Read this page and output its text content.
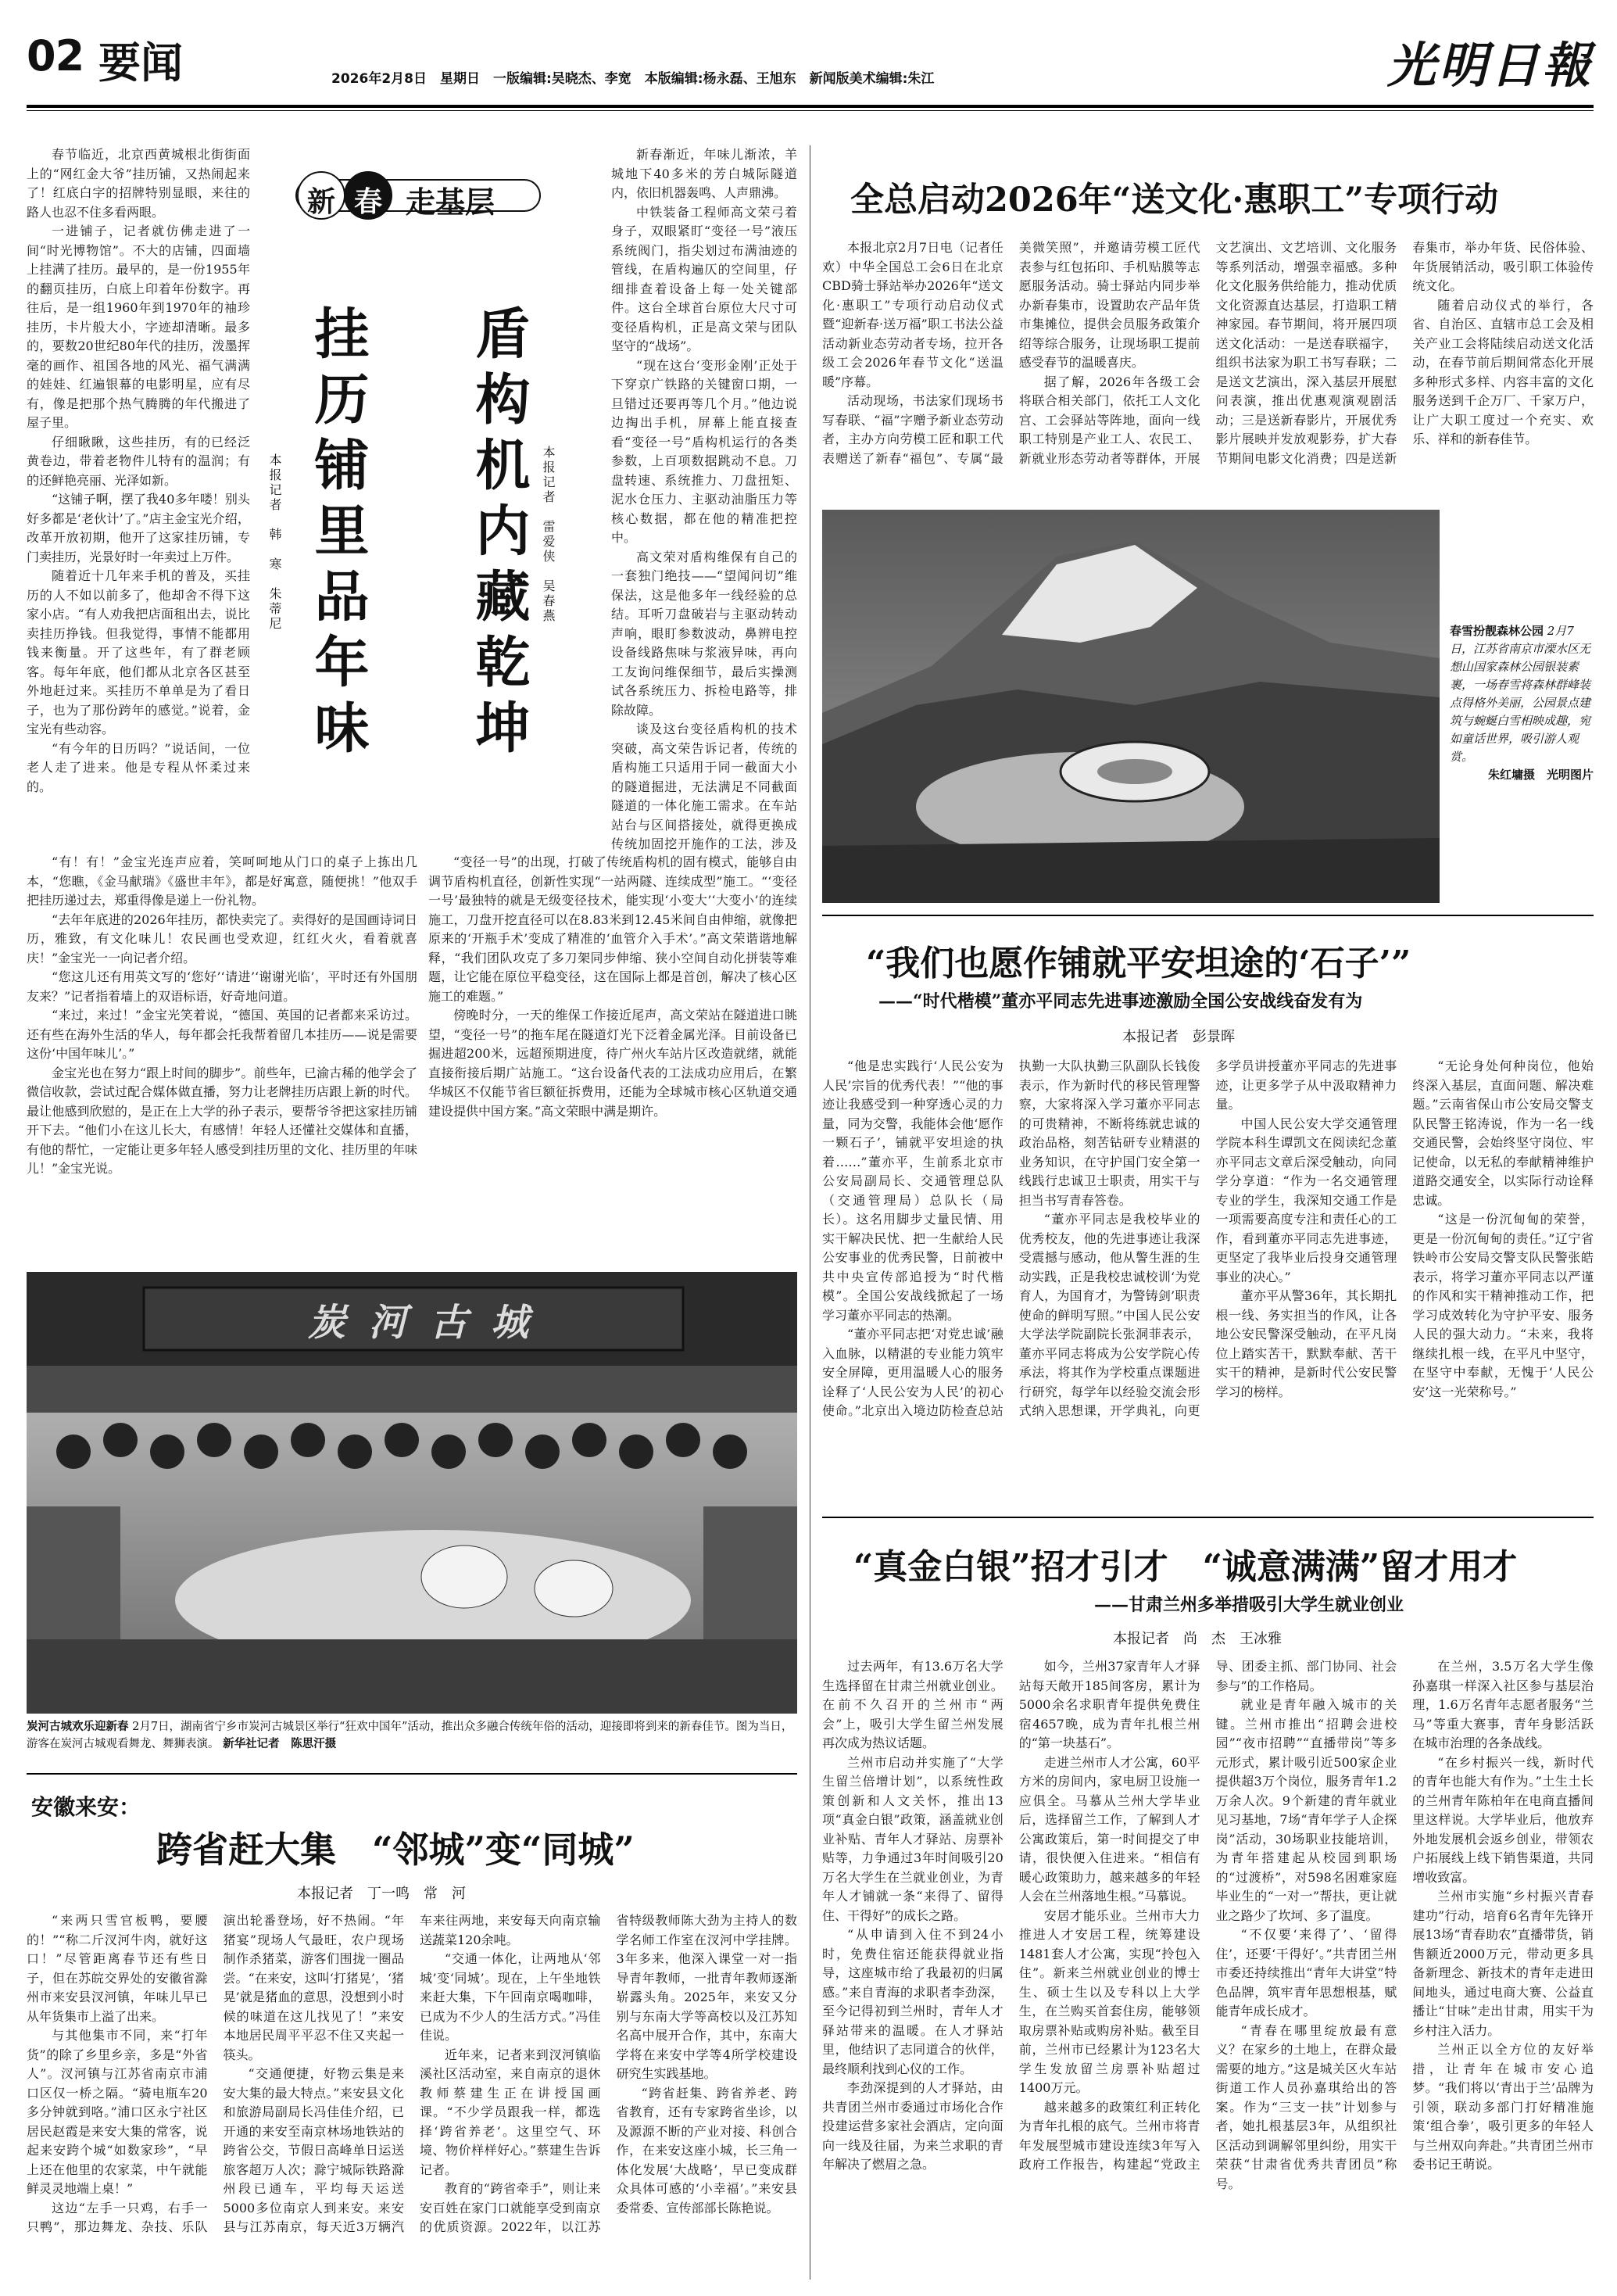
02 要闻	2026年2月8日　星期日　一版编辑:吴晓杰、李宽　本版编辑:杨永磊、王旭东　新闻版美术编辑:朱江	光明日報
新 春 走基层
挂历铺里品年味
本报记者　韩　寒　朱蒂尼

春节临近，北京西黄城根北街街面上的“网红金大爷”挂历铺，又热闹起来了！红底白字的招牌特别显眼，来往的路人也忍不住多看两眼。

一进铺子，记者就仿佛走进了一间“时光博物馆”。不大的店铺，四面墙上挂满了挂历。最早的，是一份1955年的翻页挂历，白底上印着年份数字。再往后，是一组1960年到1970年的袖珍挂历，卡片般大小，字迹却清晰。最多的，要数20世纪80年代的挂历，泼墨挥毫的画作、祖国各地的风光、福气满满的娃娃、红遍银幕的电影明星，应有尽有，像是把那个热气腾腾的年代搬进了屋子里。

仔细瞅瞅，这些挂历，有的已经泛黄卷边，带着老物件儿特有的温润；有的还鲜艳亮丽、光泽如新。

“这铺子啊，摆了我40多年喽！别头好多都是‘老伙计’了。”店主金宝光介绍，改革开放初期，他开了这家挂历铺，专门卖挂历，光景好时一年卖过上万件。

随着近十几年来手机的普及，买挂历的人不如以前多了，他却舍不得下这家小店。“有人劝我把店面租出去，说比卖挂历挣钱。但我觉得，事情不能都用钱来衡量。开了这些年，有了群老顾客。每年年底，他们都从北京各区甚至外地赶过来。买挂历不单单是为了看日子，也为了那份跨年的感觉。”说着，金宝光有些动容。

“有今年的日历吗？”说话间，一位老人走了进来。他是专程从怀柔过来的。

“有！有！”金宝光连声应着，笑呵呵地从门口的桌子上拣出几本，“您瞧，《金马献瑞》《盛世丰年》，都是好寓意，随便挑！”他双手把挂历递过去，郑重得像是递上一份礼物。

“去年年底进的2026年挂历，都快卖完了。卖得好的是国画诗词日历，雅致，有文化味儿！农民画也受欢迎，红红火火，看着就喜庆！”金宝光一一向记者介绍。

“您这儿还有用英文写的‘您好’‘请进’‘谢谢光临’，平时还有外国朋友来？”记者指着墙上的双语标语，好奇地问道。

“来过，来过！”金宝光笑着说，“德国、英国的记者都来采访过。还有些在海外生活的华人，每年都会托我帮着留几本挂历——说是需要这份‘中国年味儿’。”

金宝光也在努力“跟上时间的脚步”。前些年，已渝古稀的他学会了微信收款，尝试过配合媒体做直播，努力让老牌挂历店跟上新的时代。最让他感到欣慰的，是正在上大学的孙子表示，要帮爷爷把这家挂历铺开下去。“他们小在这儿长大，有感情！年轻人还懂社交媒体和直播，有他的帮忙，一定能让更多年轻人感受到挂历里的文化、挂历里的年味儿！”金宝光说。

盾构机内藏乾坤 本报记者　雷爱侠　吴春燕

新春渐近，年味儿渐浓，羊城地下40多米的芳白城际隧道内，依旧机器轰鸣、人声鼎沸。

中铁装备工程师高文荣弓着身子，双眼紧盯“变径一号”液压系统阀门，指尖划过布满油迹的管线，在盾构遍仄的空间里，仔细排查着设备上每一处关键部件。这台全球首台原位大尺寸可变径盾构机，正是高文荣与团队坚守的“战场”。

“现在这台‘变形金刚’正处于下穿京广铁路的关键窗口期，一旦错过还要再等几个月。”他边说边掏出手机，屏幕上能直接查看“变径一号”盾构机运行的各类参数，上百项数据跳动不息。刀盘转速、系统推力、刀盘扭矩、泥水仓压力、主驱动油脂压力等核心数据，都在他的精准把控中。

高文荣对盾构维保有自己的一套独门绝技——“望闻问切”维保法，这是他多年一线经验的总结。耳听刀盘破岩与主驱动转动声响，眼盯参数波动，鼻辨电控设备线路焦味与浆液异味，再向工友询问维保细节，最后实操测试各系统压力、拆检电路等，排除故障。

谈及这台变径盾构机的技术突破，高文荣告诉记者，传统的盾构施工只适用于同一截面大小的隧道掘进，无法满足不同截面隧道的一体化施工需求。在车站站台与区间搭接处，就得更换成传统加固挖开施作的工法，涉及

“变径一号”的出现，打破了传统盾构机的固有模式，能够自由调节盾构机直径，创新性实现“一站两隧、连续成型”施工。“‘变径一号’最独特的就是无级变径技术，能实现‘小变大’‘大变小’的连续施工，刀盘开挖直径可以在8.83米到12.45米间自由伸缩，就像把原来的‘开瓶手术’变成了精准的‘血管介入手术’。”高文荣谐谐地解释，“我们团队攻克了多刀架同步伸缩、狭小空间自动化拼装等难题，让它能在原位平稳变径，这在国际上都是首创，解决了核心区施工的难题。”

傍晚时分，一天的维保工作接近尾声，高文荣站在隧道进口眺望，“变径一号”的拖车尾在隧道灯光下泛着金属光泽。目前设备已掘进超200米，远超预期进度，待广州火车站片区改造就绪，就能直接衔接后期广站施工。“这台设备代表的工法成功应用后，在繁华城区不仅能节省巨额征拆费用，还能为全球城市核心区轨道交通建设提供中国方案。”高文荣眼中满是期许。

炭河古城
炭河古城欢乐迎新春 2月7日，湖南省宁乡市炭河古城景区举行“狂欢中国年”活动，推出众多融合传统年俗的活动，迎接即将到来的新春佳节。图为当日，游客在炭河古城观看舞龙、舞狮表演。 新华社记者　陈思汗摄
安徽来安：
跨省赶大集　“邻城”变“同城”
本报记者　丁一鸣　常　河

“来两只雪官板鸭，要腰的！”“称二斤汊河牛肉，就好这口！”尽管距离春节还有些日子，但在苏皖交界处的安徽省滁州市来安县汊河镇，年味儿早已从年货集市上溢了出来。

与其他集市不同，来“打年货”的除了乡里乡亲，多是“外省人”。汊河镇与江苏省南京市浦口区仅一桥之隔。“骑电瓶车20多分钟就到咯。”浦口区永宁社区居民赵霞是来安大集的常客，说起来安跨个城“如数家珍”，“早上还在他里的农家菜，中午就能鲜灵灵地端上桌！”

这边“左手一只鸡，右手一只鸭”，那边舞龙、杂技、乐队演出轮番登场，好不热闹。“年猪宴”现场人气最旺，农户现场制作杀猪菜，游客们围拢一圈品尝。“在来安，这叫‘打猪晃’，‘猪晃’就是猪血的意思，没想到小时候的味道在这儿找见了！”来安本地居民周平平忍不住又夹起一筷头。

“交通便捷，好物云集是来安大集的最大特点。”来安县文化和旅游局副局长冯佳佳介绍，已开通的来安至南京林场地铁站的跨省公交，节假日高峰单日运送旅客超万人次；滁宁城际铁路滁州段已通车，平均每天运送5000多位南京人到来安。来安县与江苏南京，每天近3万辆汽车来往两地，来安每天向南京输送蔬菜120余吨。

“交通一体化，让两地从‘邻城’变‘同城’。现在，上午坐地铁来赶大集，下午回南京喝咖啡，已成为不少人的生活方式。”冯佳佳说。

近年来，记者来到汊河镇临溪社区活动室，来自南京的退休教师蔡建生正在讲授国画课。“不少学员跟我一样，都选择‘跨省养老’。这里空气、环境、物价样样好心。”蔡建生告诉记者。

教育的“跨省牵手”，则让来安百姓在家门口就能享受到南京的优质资源。2022年，以江苏省特级教师陈大劲为主持人的数学名师工作室在汊河中学挂牌。3年多来，他深入课堂一对一指导青年教师，一批青年教师逐渐崭露头角。2025年，来安又分别与东南大学等高校以及江苏知名高中展开合作，其中，东南大学将在来安中学等4所学校建设研究生实践基地。

“跨省赶集、跨省养老、跨省教育，还有专家跨省坐诊，以及源源不断的产业对接、科创合作，在来安这座小城，长三角一体化发展‘大战略’，早已变成群众具体可感的‘小幸福’。”来安县委常委、宣传部部长陈艳说。

全总启动2026年“送文化·惠职工”专项行动

本报北京2月7日电（记者任欢）中华全国总工会6日在北京CBD骑士驿站举办2026年“送文化·惠职工”专项行动启动仪式暨“迎新春·送万福”职工书法公益活动新业态劳动者专场，拉开各级工会2026年春节文化“送温暖”序幕。

活动现场，书法家们现场书写春联、“福”字赠予新业态劳动者，主办方向劳模工匠和职工代表赠送了新春“福包”、专属“最美微笑照”，并邀请劳模工匠代表参与红包拓印、手机贴膜等志愿服务活动。骑士驿站内同步举办新春集市，设置助农产品年货市集摊位，提供会员服务政策介绍等综合服务，让现场职工提前感受春节的温暖喜庆。

据了解，2026年各级工会将联合相关部门，依托工人文化宫、工会驿站等阵地，面向一线职工特别是产业工人、农民工、新就业形态劳动者等群体，开展文艺演出、文艺培训、文化服务等系列活动，增强幸福感。多种化文化服务供给能力，推动优质文化资源直达基层，打造职工精神家园。春节期间，将开展四项送文化活动：一是送春联福字，组织书法家为职工书写春联；二是送文艺演出，深入基层开展慰问表演，推出优惠观演观剧活动；三是送新春影片，开展优秀影片展映并发放观影券，扩大春节期间电影文化消费；四是送新春集市，举办年货、民俗体验、年货展销活动，吸引职工体验传统文化。

随着启动仪式的举行，各省、自治区、直辖市总工会及相关产业工会将陆续启动送文化活动，在春节前后期间常态化开展多种形式多样、内容丰富的文化服务送到千企万厂、千家万户，让广大职工度过一个充实、欢乐、祥和的新春佳节。

春雪扮靓森林公园 2月7日，江苏省南京市溧水区无想山国家森林公园银装素裹，一场春雪将森林群峰装点得格外美丽，公园景点建筑与蜿蜒白雪相映成趣，宛如童话世界，吸引游人观赏。

朱红墉摄　光明图片
“我们也愿作铺就平安坦途的‘石子’”
——“时代楷模”董亦平同志先进事迹激励全国公安战线奋发有为
本报记者　彭景晖

“他是忠实践行‘人民公安为人民’宗旨的优秀代表！”“他的事迹让我感受到一种穿透心灵的力量，同为交警，我能体会他‘愿作一颗石子’，铺就平安坦途的执着……”董亦平，生前系北京市公安局副局长、交通管理总队（交通管理局）总队长（局长）。这名用脚步丈量民情、用实干解决民忧、把一生献给人民公安事业的优秀民警，日前被中共中央宣传部追授为“时代楷模”。全国公安战线掀起了一场学习董亦平同志的热潮。

“董亦平同志把‘对党忠诚’融入血脉，以精湛的专业能力筑牢安全屏障，更用温暖人心的服务诠释了‘人民公安为人民’的初心使命。”北京出入境边防检查总站执勤一大队执勤三队副队长钱俊表示，作为新时代的移民管理警察，大家将深入学习董亦平同志的可贵精神，不断将练就忠诚的政治品格，刻苦钻研专业精湛的业务知识，在守护国门安全第一线践行忠诚卫士职责，用实干与担当书写青春答卷。

“董亦平同志是我校毕业的优秀校友，他的先进事迹让我深受震撼与感动，他从警生涯的生动实践，正是我校忠诚校训‘为党育人，为国育才，为警铸剑’职责使命的鲜明写照。”中国人民公安大学法学院副院长张洞菲表示，董亦平同志将成为公安学院心传承法，将其作为学校重点课题进行研究，每学年以经验交流会形式纳入思想课，开学典礼，向更多学员讲授董亦平同志的先进事迹，让更多学子从中汲取精神力量。

中国人民公安大学交通管理学院本科生谭凯文在阅读纪念董亦平同志文章后深受触动，向同学分享道：“作为一名交通管理专业的学生，我深知交通工作是一项需要高度专注和责任心的工作，看到董亦平同志先进事迹，更坚定了我毕业后投身交通管理事业的决心。”

董亦平从警36年，其长期扎根一线、务实担当的作风，让各地公安民警深受触动，在平凡岗位上踏实苦干，默默奉献、苦干实干的精神，是新时代公安民警学习的榜样。

“无论身处何种岗位，他始终深入基层，直面问题、解决难题。”云南省保山市公安局交警支队民警王铭涛说，作为一名一线交通民警，会始终坚守岗位、牢记使命，以无私的奉献精神维护道路交通安全，以实际行动诠释忠诚。

“这是一份沉甸甸的荣誉，更是一份沉甸甸的责任。”辽宁省铁岭市公安局交警支队民警张皓表示，将学习董亦平同志以严谨的作风和实干精神推动工作，把学习成效转化为守护平安、服务人民的强大动力。“未来，我将继续扎根一线，在平凡中坚守，在坚守中奉献，无愧于‘人民公安’这一光荣称号。”

“真金白银”招才引才　“诚意满满”留才用才
——甘肃兰州多举措吸引大学生就业创业
本报记者　尚　杰　王冰雅

过去两年，有13.6万名大学生选择留在甘肃兰州就业创业。在前不久召开的兰州市“两会”上，吸引大学生留兰州发展再次成为热议话题。

兰州市启动并实施了“大学生留兰倍增计划”，以系统性政策创新和人文关怀，推出13项“真金白银”政策，涵盖就业创业补贴、青年人才驿站、房票补贴等，力争通过3年时间吸引20万名大学生在兰就业创业，为青年人才铺就一条“来得了、留得住、干得好”的成长之路。

“从申请到入住不到24小时，免费住宿还能获得就业指导，这座城市给了我最初的归属感。”来自青海的求职者李劲深，至今记得初到兰州时，青年人才驿站带来的温暖。在人才驿站里，他结识了志同道合的伙伴，最终顺利找到心仪的工作。

李劲深提到的人才驿站，由共青团兰州市委通过市场化合作投建运营多家社会酒店，定向面向一线及往届，为来兰求职的青年解决了燃眉之急。

如今，兰州37家青年人才驿站每天敞开185间客房，累计为5000余名求职青年提供免费住宿4657晚，成为青年扎根兰州的“第一块基石”。

走进兰州市人才公寓，60平方米的房间内，家电厨卫设施一应俱全。马慕从兰州大学毕业后，选择留兰工作，了解到人才公寓政策后，第一时间提交了申请，很快便入住进来。“相信有暖心政策助力，越来越多的年轻人会在兰州落地生根。”马慕说。

安居才能乐业。兰州市大力推进人才安居工程，统筹建设1481套人才公寓，实现“拎包入住”。新来兰州就业创业的博士生、硕士生以及专科以上大学生，在兰购买首套住房，能够领取房票补贴或购房补贴。截至目前，兰州市已经累计为123名大学生发放留兰房票补贴超过1400万元。

越来越多的政策红利正转化为青年扎根的底气。兰州市将青年发展型城市建设连续3年写入政府工作报告，构建起“党政主导、团委主抓、部门协同、社会参与”的工作格局。

就业是青年融入城市的关键。兰州市推出“招聘会进校园”“夜市招聘”“直播带岗”等多元形式，累计吸引近500家企业提供超3万个岗位，服务青年1.2万余人次。9个新建的青年就业见习基地，7场“青年学子人企探岗”活动，30场职业技能培训，为青年搭建起从校园到职场的“过渡桥”，对598名困难家庭毕业生的“一对一”帮扶，更让就业之路少了坎坷、多了温度。

“不仅要‘来得了’、‘留得住’，还要‘干得好’。”共青团兰州市委还持续推出“青年大讲堂”特色品牌，筑牢青年思想根基，赋能青年成长成才。

“青春在哪里绽放最有意义？在家乡的土地上，在群众最需要的地方。”这是城关区火车站街道工作人员孙嘉琪给出的答案。作为“三支一扶”计划参与者，她扎根基层3年，从组织社区活动到调解邻里纠纷，用实干荣获“甘肃省优秀共青团员”称号。

在兰州，3.5万名大学生像孙嘉琪一样深入社区参与基层治理，1.6万名青年志愿者服务“兰马”等重大赛事，青年身影活跃在城市治理的各条战线。

“在乡村振兴一线，新时代的青年也能大有作为。”土生土长的兰州青年陈柏年在电商直播间里这样说。大学毕业后，他放弃外地发展机会返乡创业，带领农户拓展线上线下销售渠道，共同增收致富。

兰州市实施“乡村振兴青春建功”行动，培育6名青年先锋开展13场“青春助农”直播带货，销售额近2000万元，带动更多具备新理念、新技术的青年走进田间地头，通过电商大赛、公益直播让“甘味”走出甘肃，用实干为乡村注入活力。

兰州正以全方位的友好举措，让青年在城市安心追梦。“我们将以‘青出于兰’品牌为引领，联动多部门打好精准施策‘组合拳’，吸引更多的年轻人与兰州双向奔赴。”共青团兰州市委书记王萌说。
